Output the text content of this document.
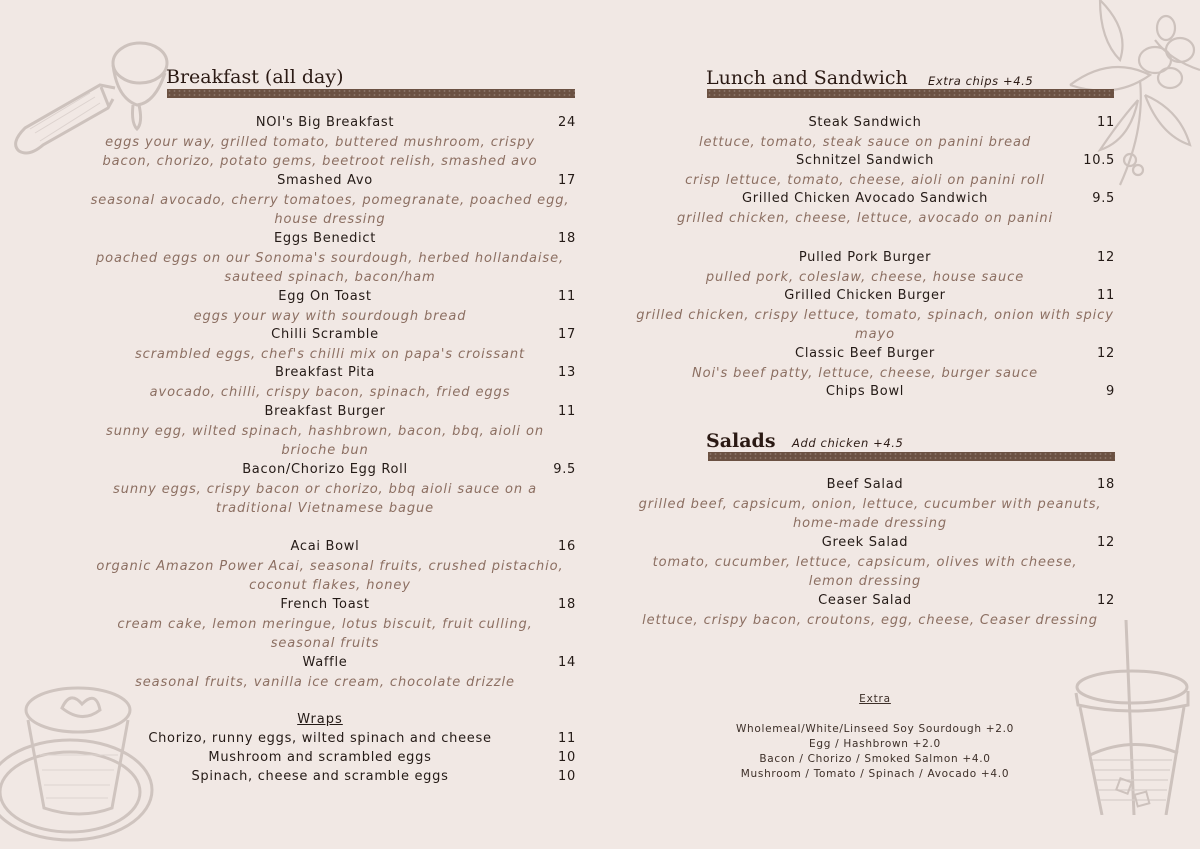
Breakfast (all day)
NOI's Big Breakfast	24
eggs your way, grilled tomato, buttered mushroom, crispy
bacon, chorizo, potato gems, beetroot relish, smashed avo
Smashed Avo	17
seasonal avocado, cherry tomatoes, pomegranate, poached egg,
house dressing
Eggs Benedict	18
poached eggs on our Sonoma's sourdough, herbed hollandaise,
sauteed spinach, bacon/ham
Egg On Toast	11
eggs your way with sourdough bread
Chilli Scramble	17
scrambled eggs, chef's chilli mix on papa's croissant
Breakfast Pita	13
avocado, chilli, crispy bacon, spinach, fried eggs
Breakfast Burger	11
sunny egg, wilted spinach, hashbrown, bacon, bbq, aioli on
brioche bun
Bacon/Chorizo Egg Roll	9.5
sunny eggs, crispy bacon or chorizo, bbq aioli sauce on a
traditional Vietnamese bague
Acai Bowl	16
organic Amazon Power Acai, seasonal fruits, crushed pistachio,
coconut flakes, honey
French Toast	18
cream cake, lemon meringue, lotus biscuit, fruit culling,
seasonal fruits
Waffle	14
seasonal fruits, vanilla ice cream, chocolate drizzle
Wraps
Chorizo, runny eggs, wilted spinach and cheese	11
Mushroom and scrambled eggs	10
Spinach, cheese and scramble eggs	10
Lunch and Sandwich Extra chips +4.5
Steak Sandwich	11
lettuce, tomato, steak sauce on panini bread
Schnitzel Sandwich	10.5
crisp lettuce, tomato, cheese, aioli on panini roll
Grilled Chicken Avocado Sandwich	9.5
grilled chicken, cheese, lettuce, avocado on panini
Pulled Pork Burger	12
pulled pork, coleslaw, cheese, house sauce
Grilled Chicken Burger	11
grilled chicken, crispy lettuce, tomato, spinach, onion with spicy
mayo
Classic Beef Burger	12
Noi's beef patty, lettuce, cheese, burger sauce
Chips Bowl	9
Salads Add chicken +4.5
Beef Salad	18
grilled beef, capsicum, onion, lettuce, cucumber with peanuts,
home-made dressing
Greek Salad	12
tomato, cucumber, lettuce, capsicum, olives with cheese,
lemon dressing
Ceaser Salad	12
lettuce, crispy bacon, croutons, egg, cheese, Ceaser dressing
Extra
Wholemeal/White/Linseed Soy Sourdough +2.0
Egg / Hashbrown +2.0
Bacon / Chorizo / Smoked Salmon +4.0
Mushroom / Tomato / Spinach / Avocado +4.0
